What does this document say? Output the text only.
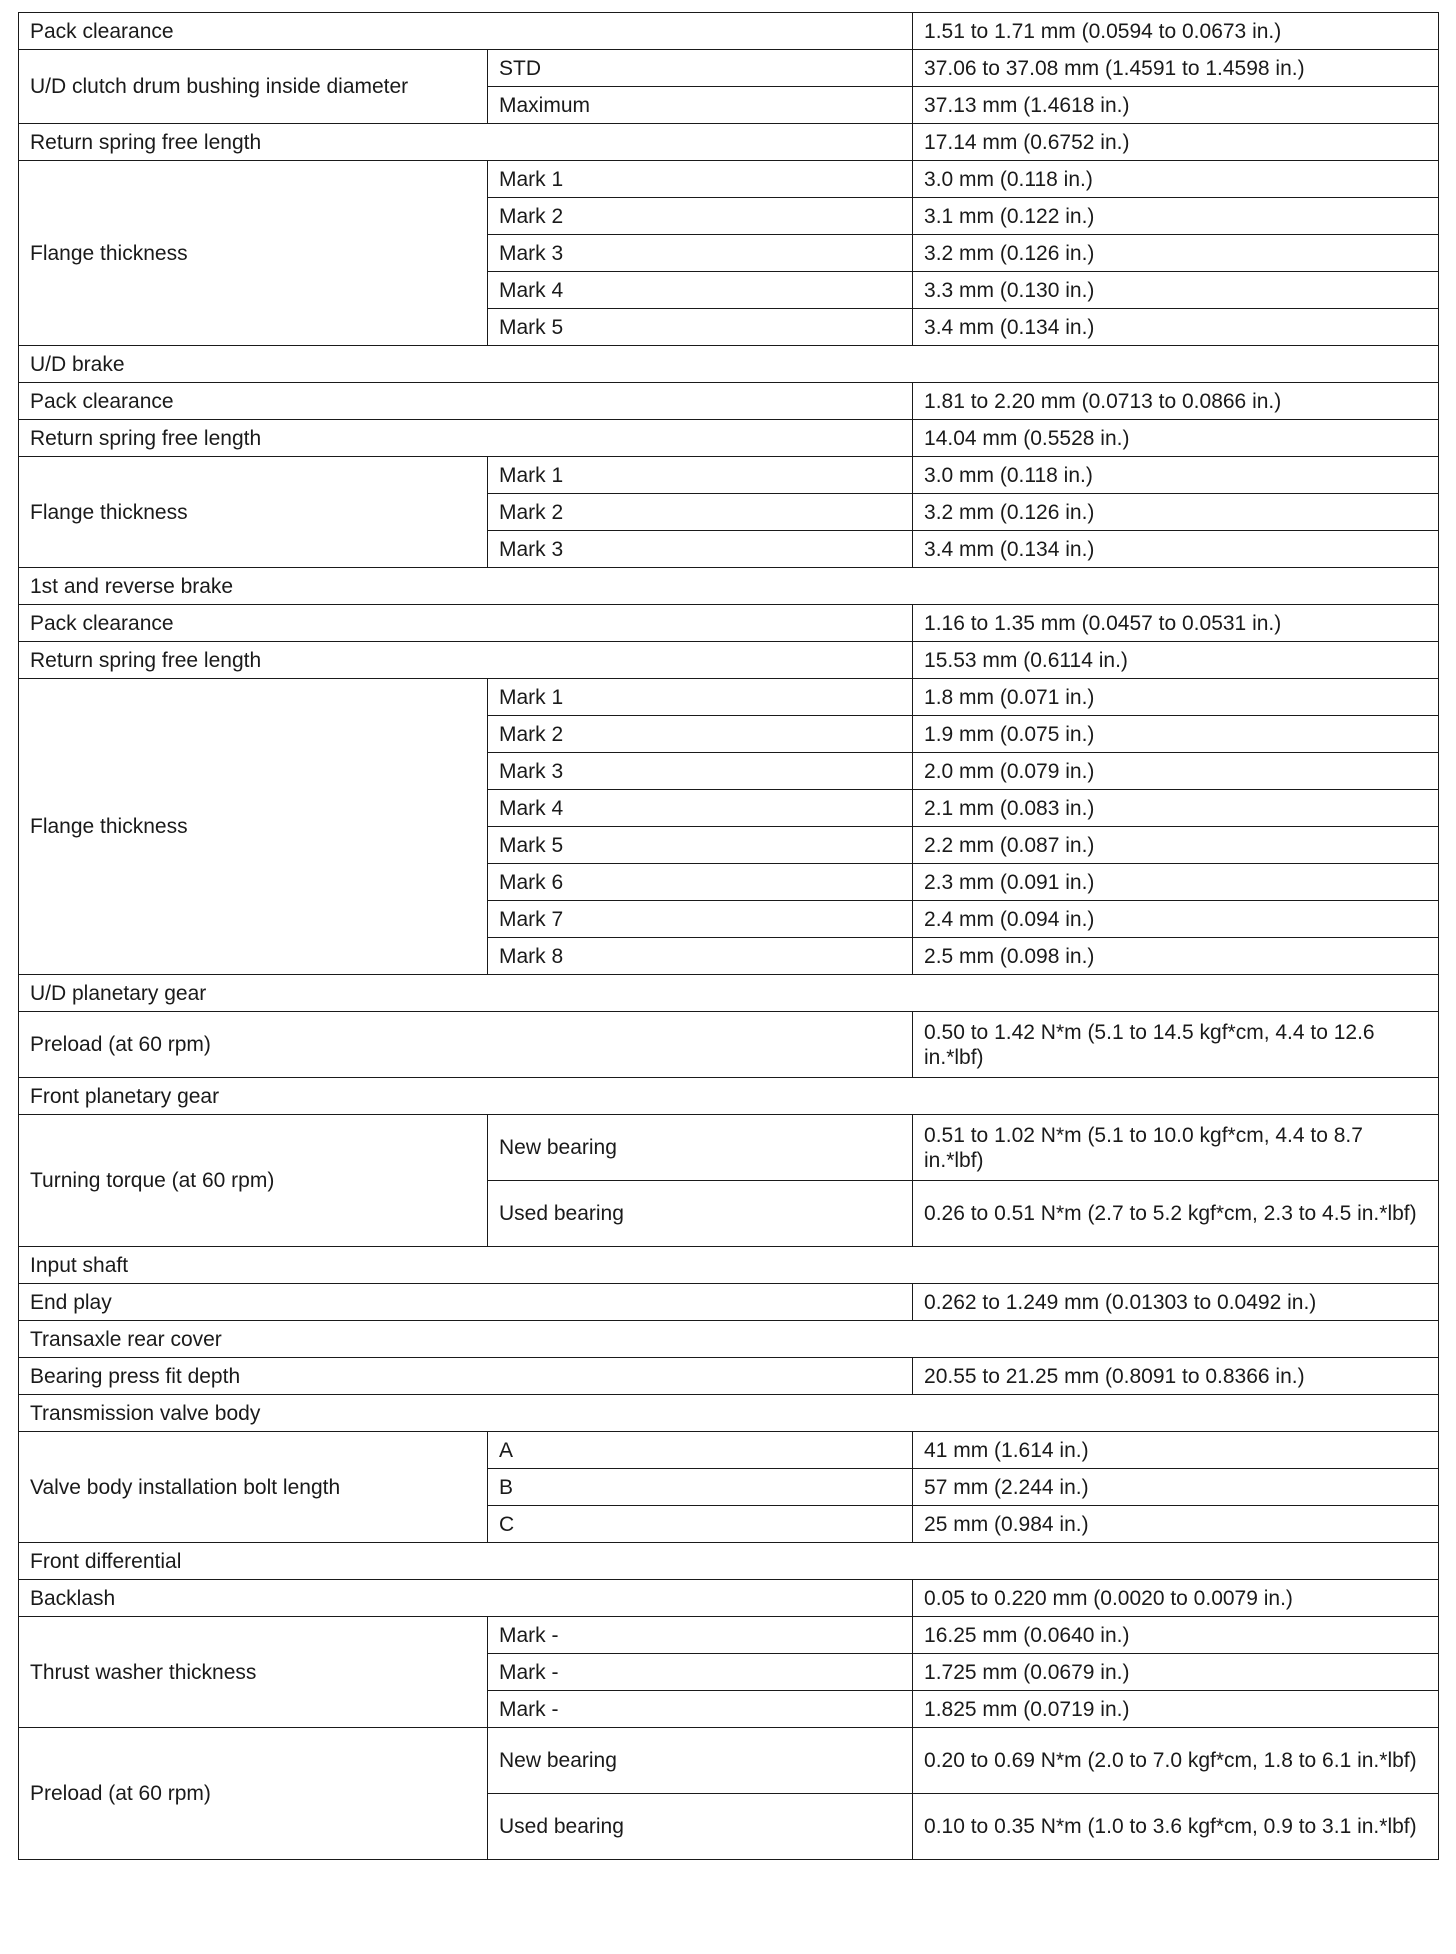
Pack clearance		1.51 to 1.71 mm (0.0594 to 0.0673 in.)
U/D clutch drum bushing inside diameter	STD	37.06 to 37.08 mm (1.4591 to 1.4598 in.)
	Maximum	37.13 mm (1.4618 in.)
Return spring free length		17.14 mm (0.6752 in.)
Flange thickness	Mark 1	3.0 mm (0.118 in.)
	Mark 2	3.1 mm (0.122 in.)
	Mark 3	3.2 mm (0.126 in.)
	Mark 4	3.3 mm (0.130 in.)
	Mark 5	3.4 mm (0.134 in.)
U/D brake		
Pack clearance		1.81 to 2.20 mm (0.0713 to 0.0866 in.)
Return spring free length		14.04 mm (0.5528 in.)
Flange thickness	Mark 1	3.0 mm (0.118 in.)
	Mark 2	3.2 mm (0.126 in.)
	Mark 3	3.4 mm (0.134 in.)
1st and reverse brake		
Pack clearance		1.16 to 1.35 mm (0.0457 to 0.0531 in.)
Return spring free length		15.53 mm (0.6114 in.)
Flange thickness	Mark 1	1.8 mm (0.071 in.)
	Mark 2	1.9 mm (0.075 in.)
	Mark 3	2.0 mm (0.079 in.)
	Mark 4	2.1 mm (0.083 in.)
	Mark 5	2.2 mm (0.087 in.)
	Mark 6	2.3 mm (0.091 in.)
	Mark 7	2.4 mm (0.094 in.)
	Mark 8	2.5 mm (0.098 in.)
U/D planetary gear		
Preload (at 60 rpm)		0.50 to 1.42 N*m (5.1 to 14.5 kgf*cm, 4.4 to 12.6 in.*lbf)
Front planetary gear		
Turning torque (at 60 rpm)	New bearing	0.51 to 1.02 N*m (5.1 to 10.0 kgf*cm, 4.4 to 8.7 in.*lbf)
	Used bearing	0.26 to 0.51 N*m (2.7 to 5.2 kgf*cm, 2.3 to 4.5 in.*lbf)
Input shaft		
End play		0.262 to 1.249 mm (0.01303 to 0.0492 in.)
Transaxle rear cover		
Bearing press fit depth		20.55 to 21.25 mm (0.8091 to 0.8366 in.)
Transmission valve body		
Valve body installation bolt length	A	41 mm (1.614 in.)
	B	57 mm (2.244 in.)
	C	25 mm (0.984 in.)
Front differential		
Backlash		0.05 to 0.220 mm (0.0020 to 0.0079 in.)
Thrust washer thickness	Mark -	16.25 mm (0.0640 in.)
	Mark -	1.725 mm (0.0679 in.)
	Mark -	1.825 mm (0.0719 in.)
Preload (at 60 rpm)	New bearing	0.20 to 0.69 N*m (2.0 to 7.0 kgf*cm, 1.8 to 6.1 in.*lbf)
	Used bearing	0.10 to 0.35 N*m (1.0 to 3.6 kgf*cm, 0.9 to 3.1 in.*lbf)
